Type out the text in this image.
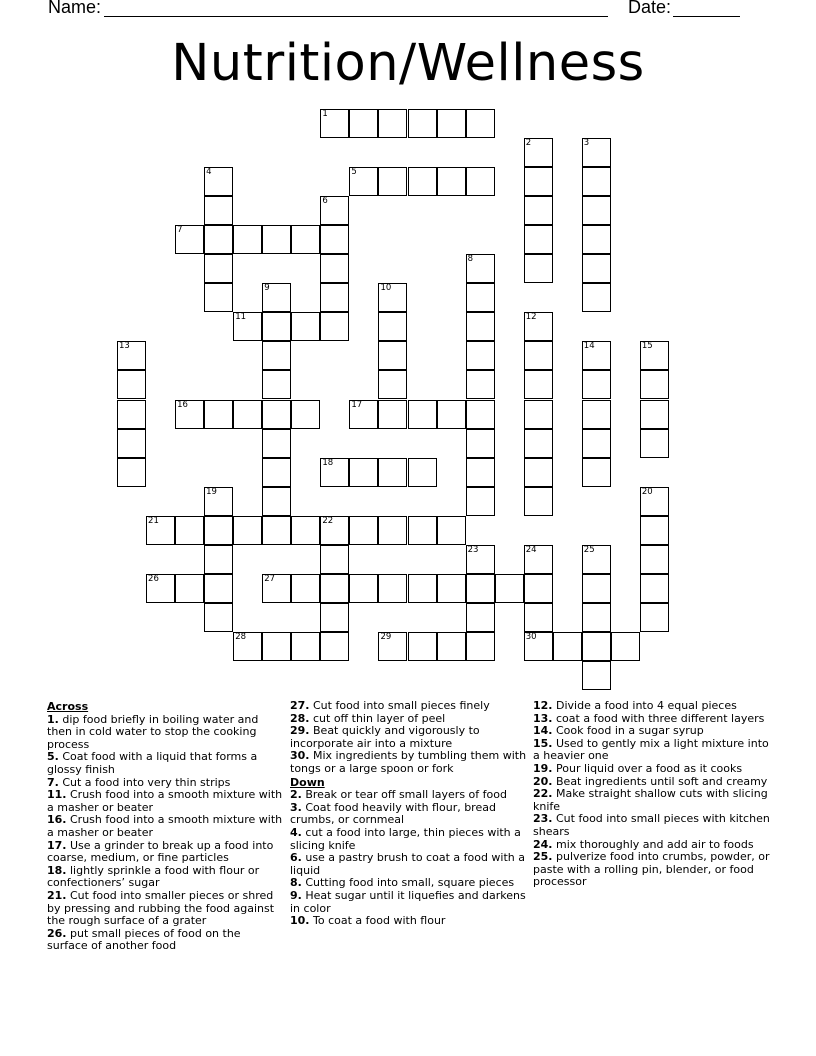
Name:	Date:
Nutrition/Wellness
1
2	3
4	5
6
7
8
9	10
11	12
13	14	15
16	17
18
19	20
21	22
23	24	25
26	27
28	29	30
Across
1. dip food briefly in boiling water and then in cold water to stop the cooking process
5. Coat food with a liquid that forms a glossy finish
7. Cut a food into very thin strips
11. Crush food into a smooth mixture with a masher or beater
16. Crush food into a smooth mixture with a masher or beater
17. Use a grinder to break up a food into coarse, medium, or fine particles
18. lightly sprinkle a food with flour or confectioners’ sugar
21. Cut food into smaller pieces or shred by pressing and rubbing the food against the rough surface of a grater
26. put small pieces of food on the surface of another food
27. Cut food into small pieces finely
28. cut off thin layer of peel
29. Beat quickly and vigorously to incorporate air into a mixture
30. Mix ingredients by tumbling them with tongs or a large spoon or fork
Down
2. Break or tear off small layers of food
3. Coat food heavily with flour, bread crumbs, or cornmeal
4. cut a food into large, thin pieces with a slicing knife
6. use a pastry brush to coat a food with a liquid
8. Cutting food into small, square pieces
9. Heat sugar until it liquefies and darkens in color
10. To coat a food with flour
12. Divide a food into 4 equal pieces
13. coat a food with three different layers
14. Cook food in a sugar syrup
15. Used to gently mix a light mixture into a heavier one
19. Pour liquid over a food as it cooks
20. Beat ingredients until soft and creamy
22. Make straight shallow cuts with slicing knife
23. Cut food into small pieces with kitchen shears
24. mix thoroughly and add air to foods
25. pulverize food into crumbs, powder, or paste with a rolling pin, blender, or food processor
